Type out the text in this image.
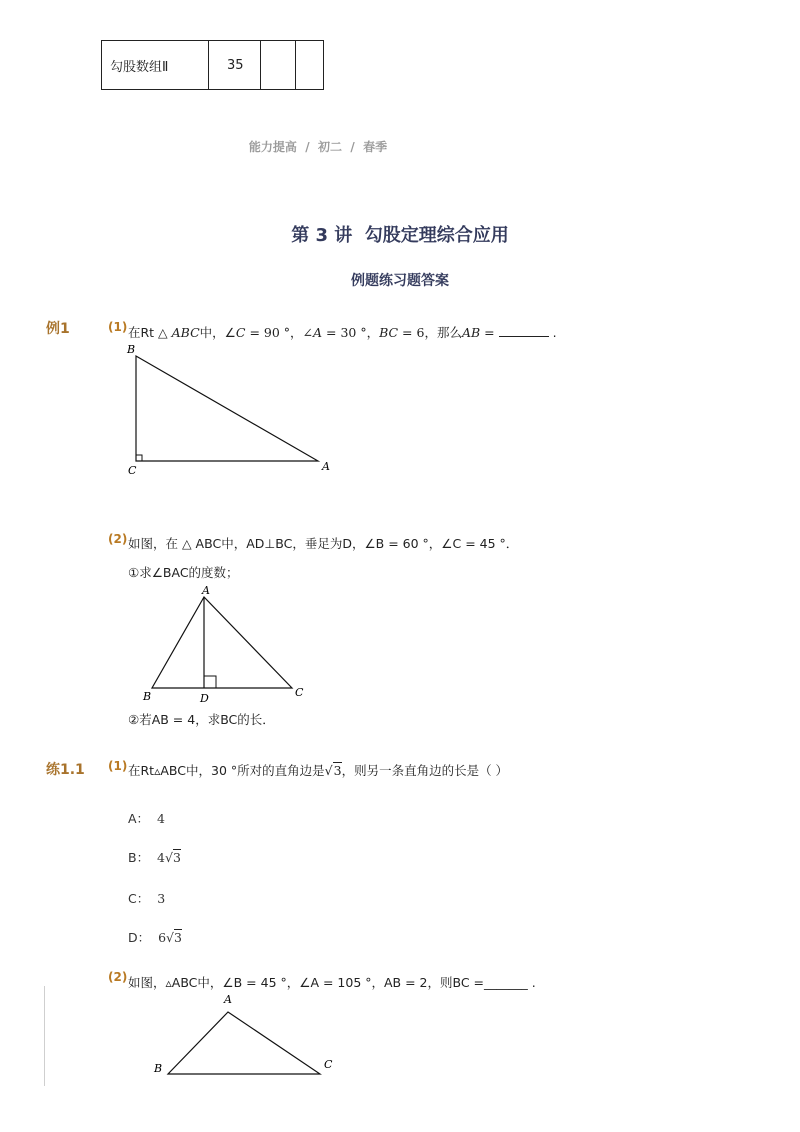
勾股数组Ⅱ	35		
能力提高  /  初二  /  春季
第 3 讲  勾股定理综合应用
例题练习题答案
例1	(1) 在Rt △ ABC中，∠C = 90 °，∠A = 30 °，BC = 6，那么AB =	.
B
C	A
(2) 如图，在 △ ABC中，AD⊥BC，垂足为D，∠B = 60 °，∠C = 45 °．
①求∠BAC的度数；
A
B	D	C
②若AB = 4，求BC的长．
练1.1 (1) 在Rt▵ABC中，30 °所对的直角边是√3，则另一条直角边的长是（ ）
A： 4
B： 4√3
C： 3
D： 6√3
(2) 如图，▵ABC中，∠B = 45 °，∠A = 105 °，AB = 2，则BC =_______ .
A
B	C
